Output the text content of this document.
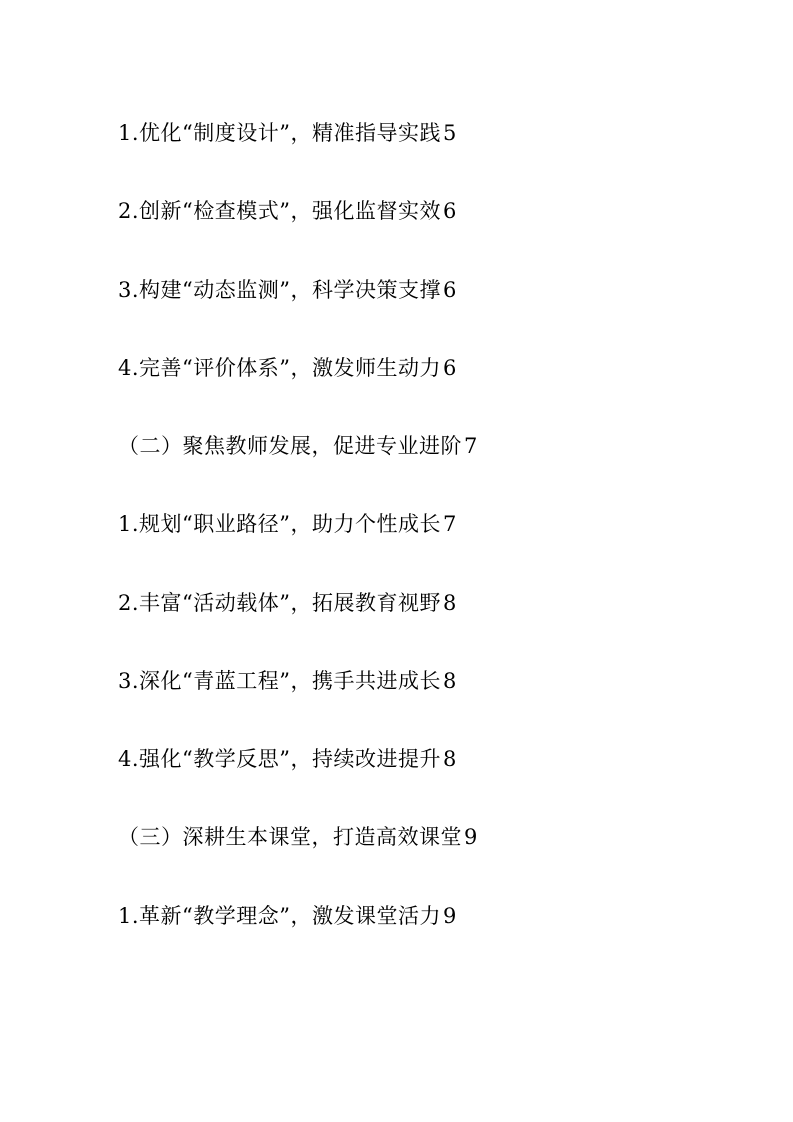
1.优化“制度设计”，精准指导实践5
2.创新“检查模式”，强化监督实效6
3.构建“动态监测”，科学决策支撑6
4.完善“评价体系”，激发师生动力6
（二）聚焦教师发展，促进专业进阶7
1.规划“职业路径”，助力个性成长7
2.丰富“活动载体”，拓展教育视野8
3.深化“青蓝工程”，携手共进成长8
4.强化“教学反思”，持续改进提升8
（三）深耕生本课堂，打造高效课堂9
1.革新“教学理念”，激发课堂活力9
